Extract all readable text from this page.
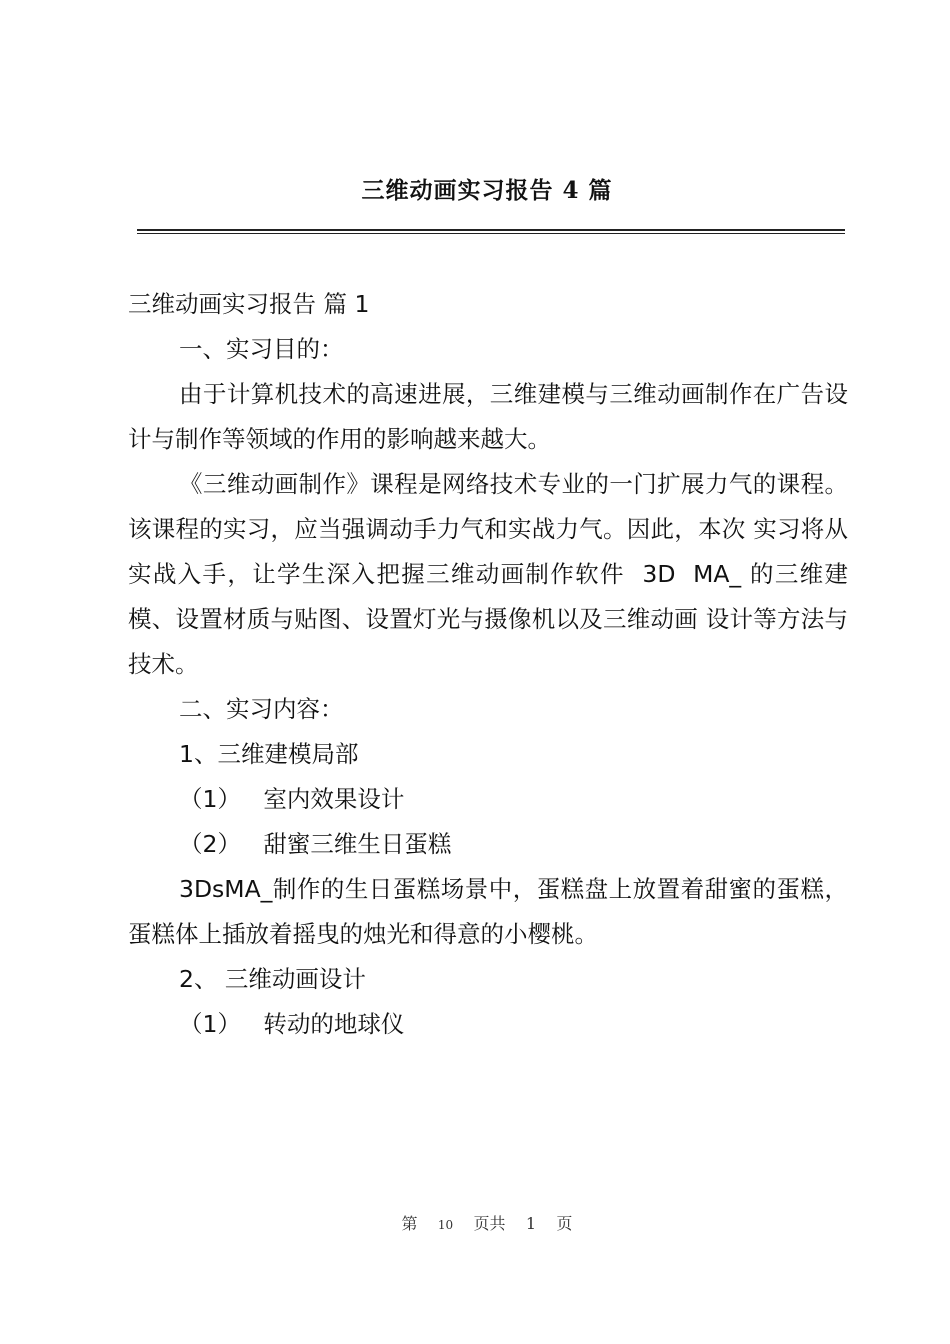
三维动画实习报告 4 篇

三维动画实习报告 篇 1

一、实习目的：

由于计算机技术的高速进展，三维建模与三维动画制作在广告设计与制作等领域的作用的影响越来越大。

《三维动画制作》课程是网络技术专业的一门扩展力气的课程。该课程的实习，应当强调动手力气和实战力气。因此，本次 实习将从实战入手，让学生深入把握三维动画制作软件  3D  MA_ 的三维建模、设置材质与贴图、设置灯光与摄像机以及三维动画 设计等方法与技术。

二、实习内容：

1、三维建模局部

（1）   室内效果设计

（2）   甜蜜三维生日蛋糕

3DsMA_制作的生日蛋糕场景中，蛋糕盘上放置着甜蜜的蛋糕，蛋糕体上插放着摇曳的烛光和得意的小樱桃。

2、 三维动画设计

（1）   转动的地球仪

第 10 页共 1 页
